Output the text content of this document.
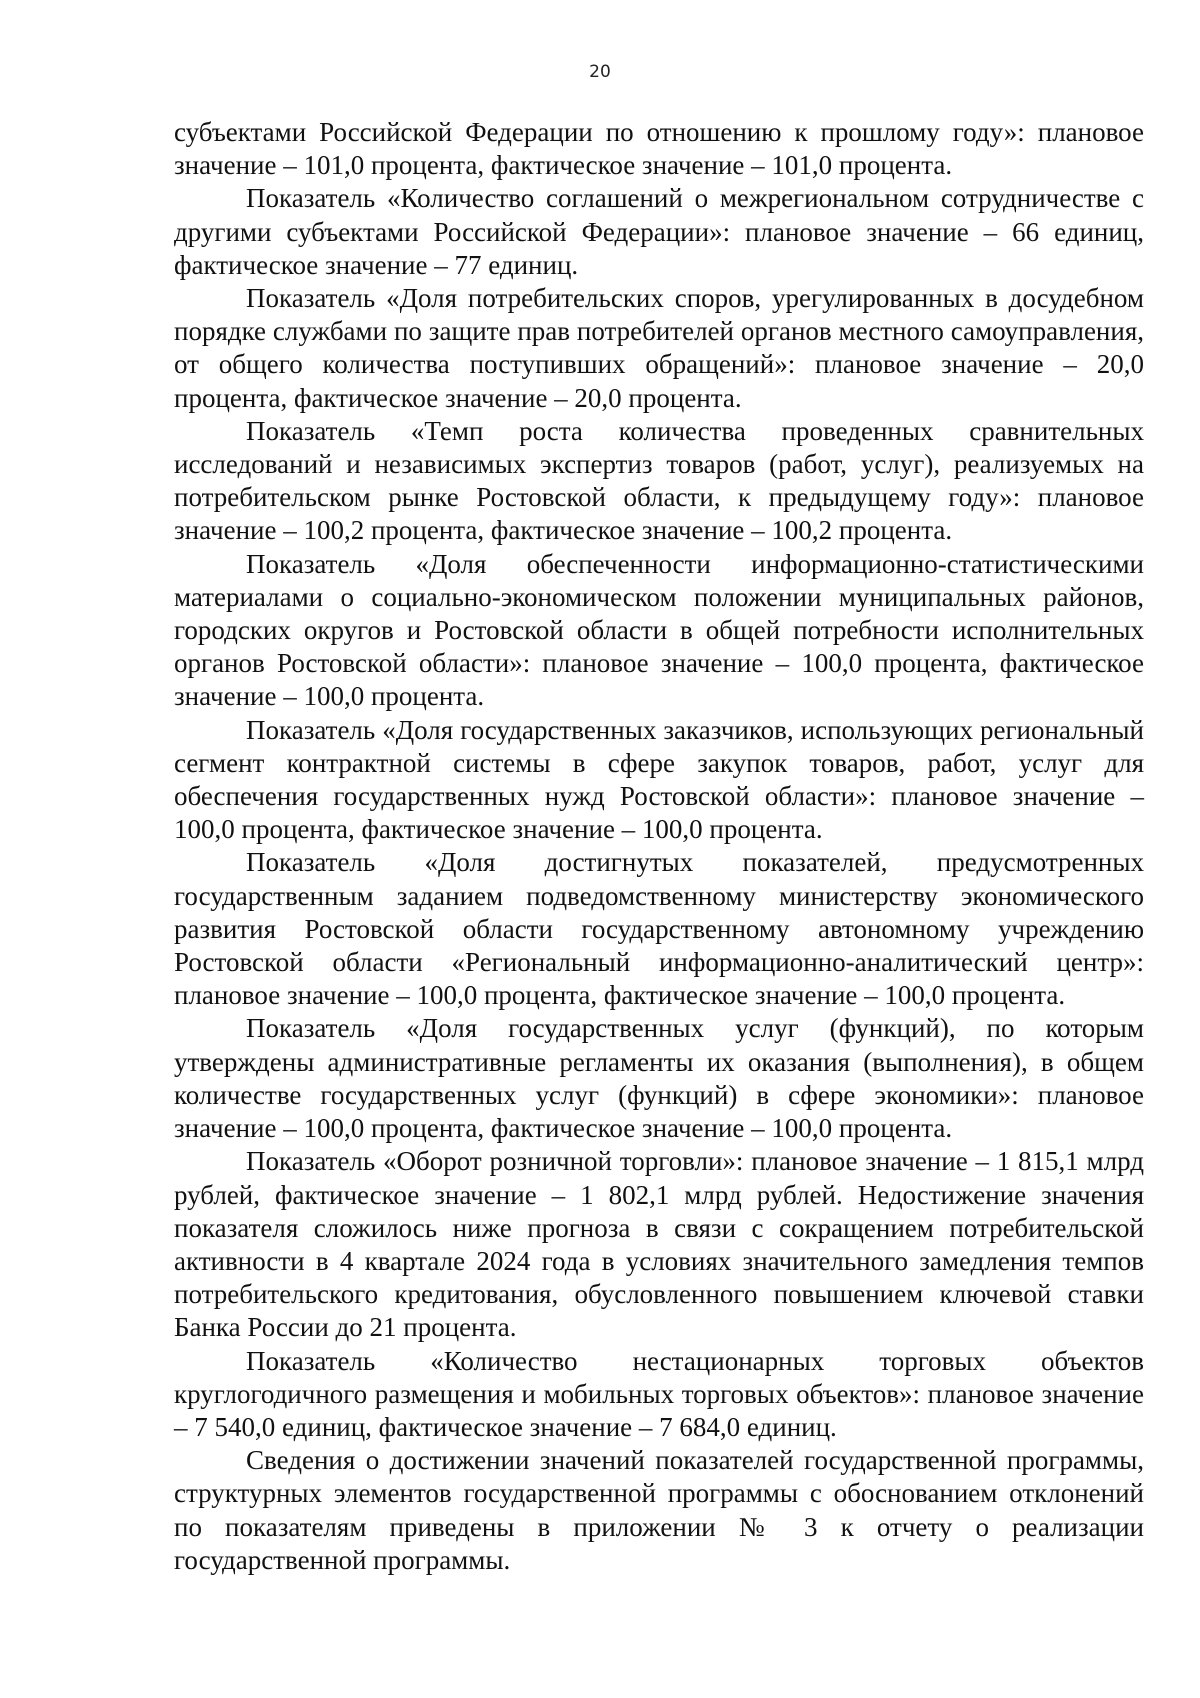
20

субъектами Российской Федерации по отношению к прошлому году»: плановое значение – 101,0 процента, фактическое значение – 101,0 процента.

Показатель «Количество соглашений о межрегиональном сотрудничестве с другими субъектами Российской Федерации»: плановое значение – 66 единиц, фактическое значение – 77 единиц.

Показатель «Доля потребительских споров, урегулированных в досудебном порядке службами по защите прав потребителей органов местного самоуправления, от общего количества поступивших обращений»: плановое значение – 20,0 процента, фактическое значение – 20,0 процента.

Показатель «Темп роста количества проведенных сравнительных исследований и независимых экспертиз товаров (работ, услуг), реализуемых на потребительском рынке Ростовской области, к предыдущему году»: плановое значение – 100,2 процента, фактическое значение – 100,2 процента.

Показатель «Доля обеспеченности информационно-статистическими материалами о социально-экономическом положении муниципальных районов, городских округов и Ростовской области в общей потребности исполнительных органов Ростовской области»: плановое значение – 100,0 процента, фактическое значение – 100,0 процента.

Показатель «Доля государственных заказчиков, использующих региональный сегмент контрактной системы в сфере закупок товаров, работ, услуг для обеспечения государственных нужд Ростовской области»: плановое значение – 100,0 процента, фактическое значение – 100,0 процента.

Показатель «Доля достигнутых показателей, предусмотренных государственным заданием подведомственному министерству экономического развития Ростовской области государственному автономному учреждению Ростовской области «Региональный информационно-аналитический центр»: плановое значение – 100,0 процента, фактическое значение – 100,0 процента.

Показатель «Доля государственных услуг (функций), по которым утверждены административные регламенты их оказания (выполнения), в общем количестве государственных услуг (функций) в сфере экономики»: плановое значение – 100,0 процента, фактическое значение – 100,0 процента.

Показатель «Оборот розничной торговли»: плановое значение – 1 815,1 млрд рублей, фактическое значение – 1 802,1 млрд рублей. Недостижение значения показателя сложилось ниже прогноза в связи с сокращением потребительской активности в 4 квартале 2024 года в условиях значительного замедления темпов потребительского кредитования, обусловленного повышением ключевой ставки Банка России до 21 процента.

Показатель «Количество нестационарных торговых объектов круглогодичного размещения и мобильных торговых объектов»: плановое значение – 7 540,0 единиц, фактическое значение – 7 684,0 единиц.

Сведения о достижении значений показателей государственной программы, структурных элементов государственной программы с обоснованием отклонений по показателям приведены в приложении № 3 к отчету о реализации государственной программы.
